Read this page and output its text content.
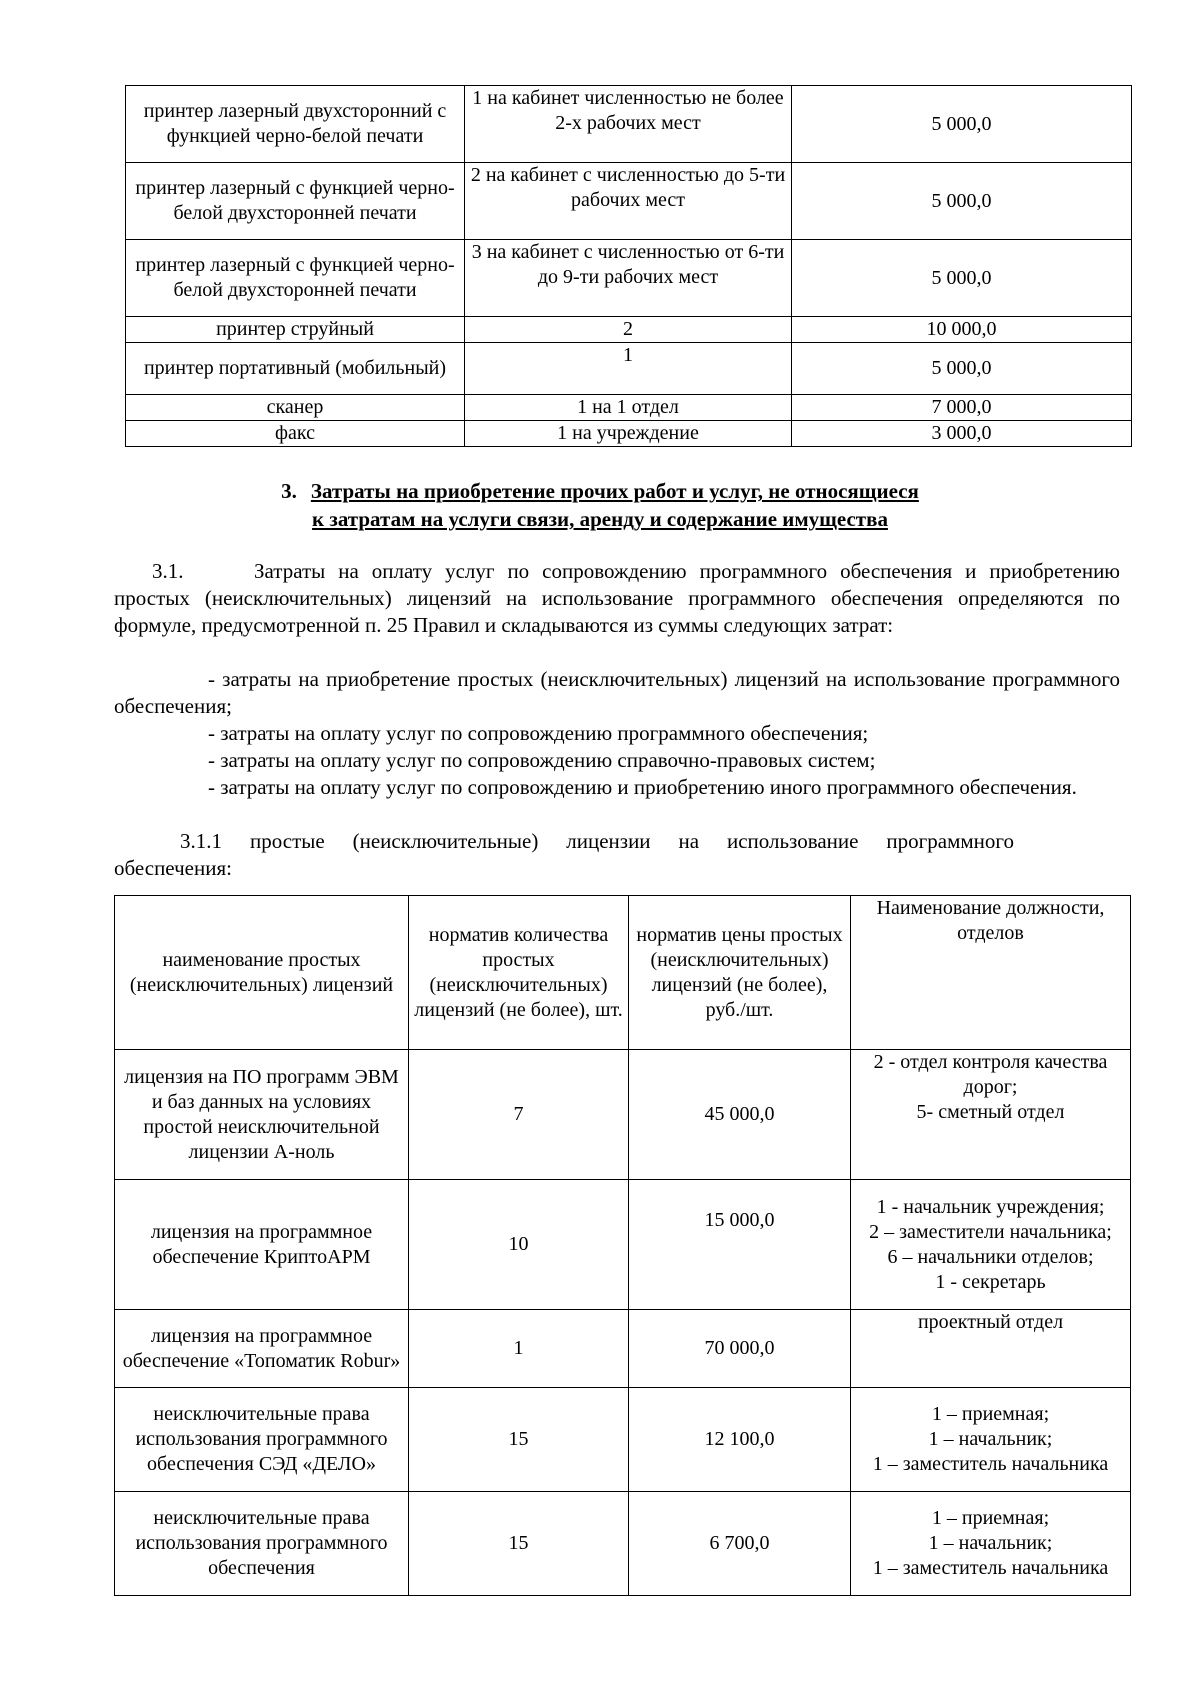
принтер лазерный двухсторонний с функцией черно-белой печати	1 на кабинет численностью не более 2-х рабочих мест	5 000,0
принтер лазерный с функцией черно-белой двухсторонней печати	2 на кабинет с численностью до 5-ти рабочих мест	5 000,0
принтер лазерный с функцией черно-белой двухсторонней печати	3 на кабинет с численностью от 6-ти до 9-ти рабочих мест	5 000,0
принтер струйный	2	10 000,0
принтер портативный (мобильный)	1	5 000,0
сканер	1 на 1 отдел	7 000,0
факс	1 на учреждение	3 000,0
3. Затраты на приобретение прочих работ и услуг, не относящиеся
к затратам на услуги связи, аренду и содержание имущества
3.1.	Затраты на оплату услуг по сопровождению программного обеспечения и приобретению простых (неисключительных) лицензий на использование программного обеспечения определяются по формуле, предусмотренной п. 25 Правил и складываются из суммы следующих затрат:
- затраты на приобретение простых (неисключительных) лицензий на использование программного обеспечения;
- затраты на оплату услуг по сопровождению программного обеспечения;
- затраты на оплату услуг по сопровождению справочно-правовых систем;
- затраты на оплату услуг по сопровождению и приобретению иного программного обеспечения.
3.1.1 простые (неисключительные) лицензии на использование программного обеспечения:
наименование простых (неисключительных) лицензий	норматив количества простых (неисключительных) лицензий (не более), шт.	норматив цены простых (неисключительных) лицензий (не более), руб./шт.	Наименование должности, отделов
лицензия на ПО программ ЭВМ и баз данных на условиях простой неисключительной лицензии А-ноль	7	45 000,0	2 - отдел контроля качества дорог;
5- сметный отдел

лицензия на программное обеспечение КриптоАРМ	10	15 000,0	1 - начальник учреждения;
2 – заместители начальника;
6 – начальники отделов;
1 - секретарь

лицензия на программное обеспечение «Топоматик Robur»	1	70 000,0	проектный отдел

неисключительные права использования программного обеспечения СЭД «ДЕЛО»	15	12 100,0	1 – приемная;
1 – начальник;
1 – заместитель начальника

неисключительные права использования программного обеспечения	15	6 700,0	1 – приемная;
1 – начальник;
1 – заместитель начальника
